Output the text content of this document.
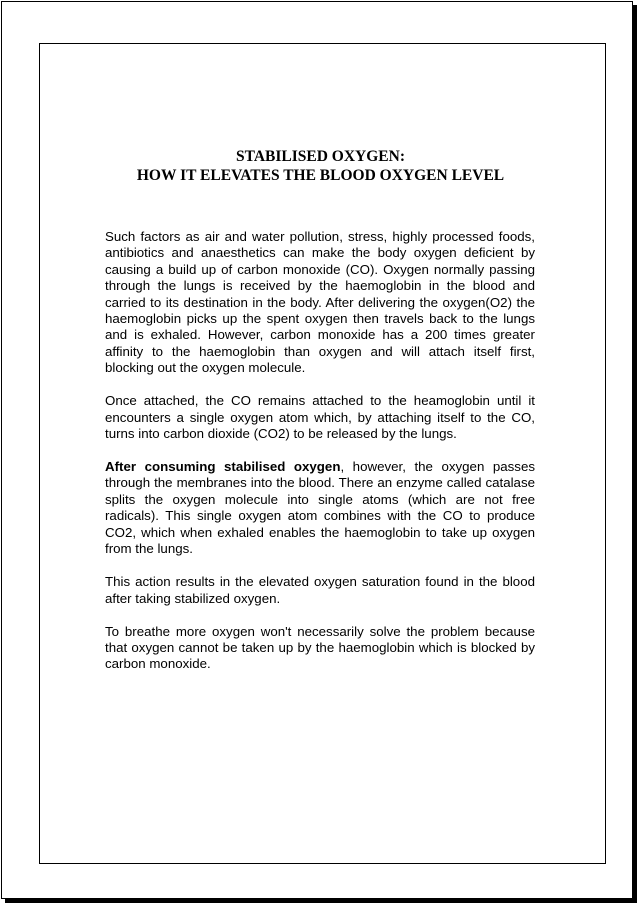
STABILISED OXYGEN:
HOW IT ELEVATES THE BLOOD OXYGEN LEVEL

Such factors as air and water pollution, stress, highly processed foods, antibiotics and anaesthetics can make the body oxygen deficient by causing a build up of carbon monoxide (CO). Oxygen normally passing through the lungs is received by the haemoglobin in the blood and carried to its destination in the body. After delivering the oxygen(O2) the haemoglobin picks up the spent oxygen then travels back to the lungs and is exhaled. However, carbon monoxide has a 200 times greater affinity to the haemoglobin than oxygen and will attach itself first, blocking out the oxygen molecule.

Once attached, the CO remains attached to the heamoglobin until it encounters a single oxygen atom which, by attaching itself to the CO, turns into carbon dioxide (CO2) to be released by the lungs.

After consuming stabilised oxygen, however, the oxygen passes through the membranes into the blood. There an enzyme called catalase splits the oxygen molecule into single atoms (which are not free radicals). This single oxygen atom combines with the CO to produce CO2, which when exhaled enables the haemoglobin to take up oxygen from the lungs.

This action results in the elevated oxygen saturation found in the blood after taking stabilized oxygen.

To breathe more oxygen won't necessarily solve the problem because that oxygen cannot be taken up by the haemoglobin which is blocked by carbon monoxide.
